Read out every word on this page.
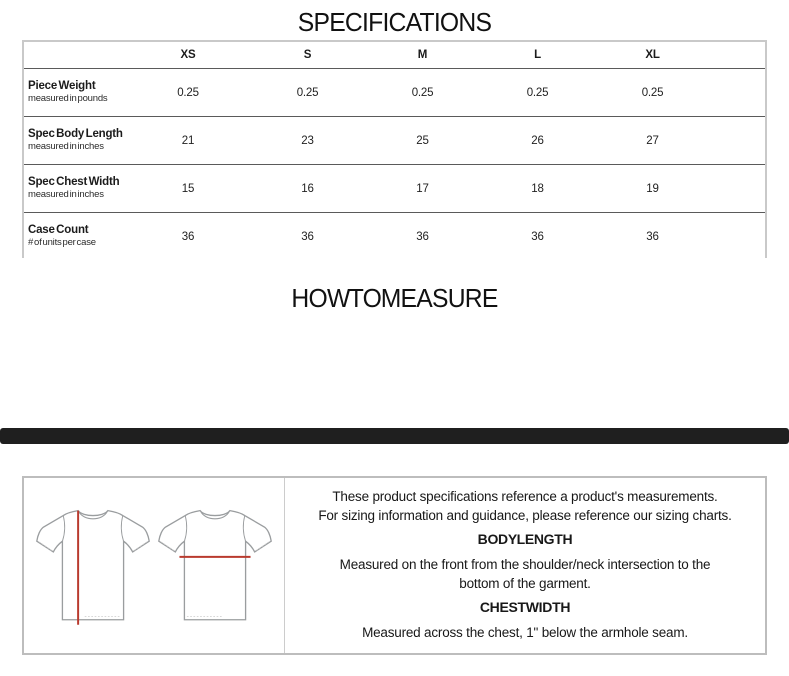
SPECIFICATIONS
XS	S	M	L	XL
Piece Weight
measured in pounds	0.25	0.25	0.25	0.25	0.25
Spec Body Length
measured in inches	21	23	25	26	27
Spec Chest Width
measured in inches	15	16	17	18	19
Case Count
# of units per case	36	36	36	36	36
HOW TO MEASURE
These product specifications reference a product's measurements.
For sizing information and guidance, please reference our sizing charts.
BODY LENGTH
Measured on the front from the shoulder/neck intersection to the bottom of the garment.
CHEST WIDTH
Measured across the chest, 1" below the armhole seam.
